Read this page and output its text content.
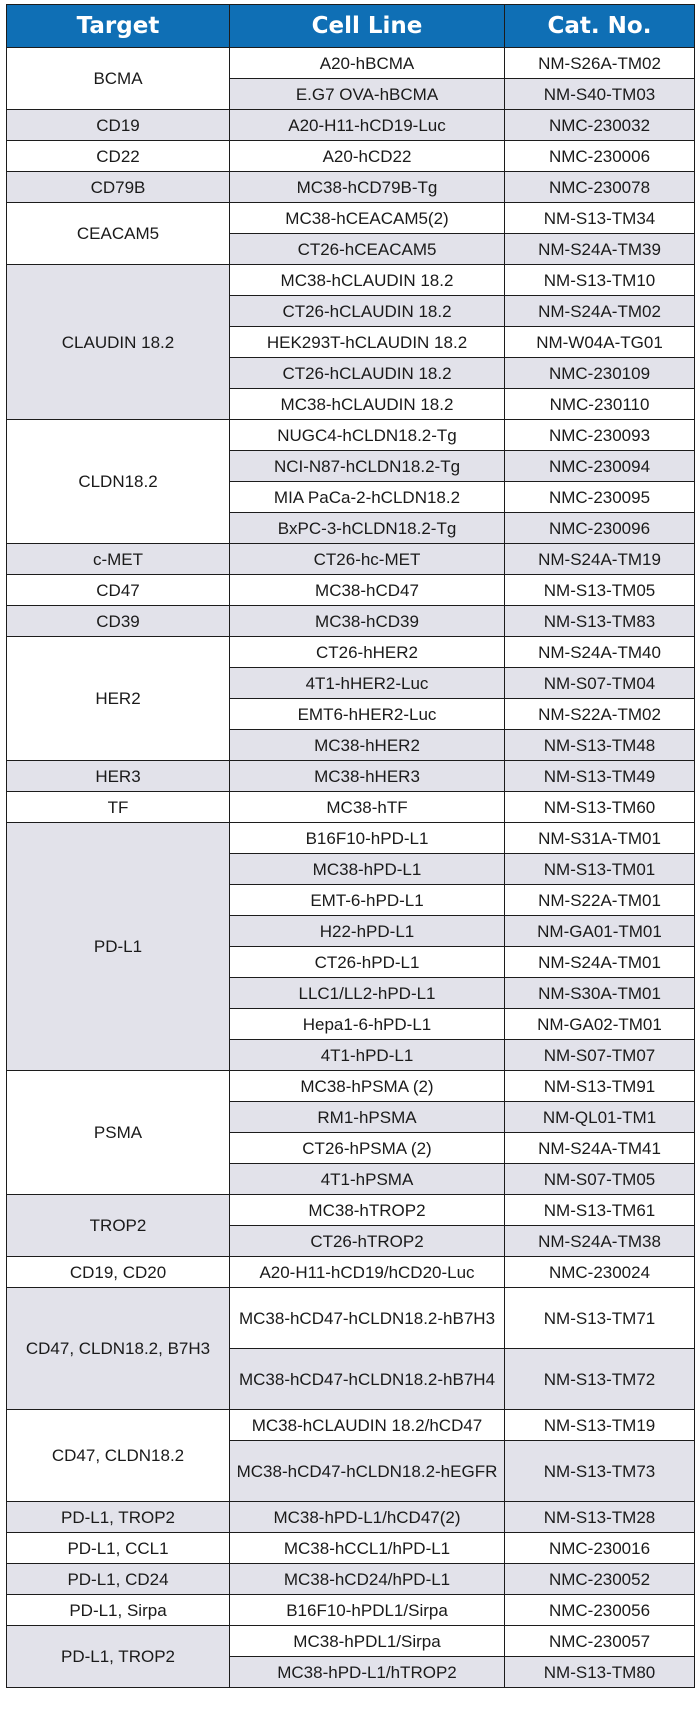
Target	Cell Line	Cat. No.
BCMA	A20-hBCMA	NM-S26A-TM02
	E.G7 OVA-hBCMA	NM-S40-TM03
CD19	A20-H11-hCD19-Luc	NMC-230032
CD22	A20-hCD22	NMC-230006
CD79B	MC38-hCD79B-Tg	NMC-230078
CEACAM5	MC38-hCEACAM5(2)	NM-S13-TM34
	CT26-hCEACAM5	NM-S24A-TM39
CLAUDIN 18.2	MC38-hCLAUDIN 18.2	NM-S13-TM10
	CT26-hCLAUDIN 18.2	NM-S24A-TM02
	HEK293T-hCLAUDIN 18.2	NM-W04A-TG01
	CT26-hCLAUDIN 18.2	NMC-230109
	MC38-hCLAUDIN 18.2	NMC-230110
CLDN18.2	NUGC4-hCLDN18.2-Tg	NMC-230093
	NCI-N87-hCLDN18.2-Tg	NMC-230094
	MIA PaCa-2-hCLDN18.2	NMC-230095
	BxPC-3-hCLDN18.2-Tg	NMC-230096
c-MET	CT26-hc-MET	NM-S24A-TM19
CD47	MC38-hCD47	NM-S13-TM05
CD39	MC38-hCD39	NM-S13-TM83
HER2	CT26-hHER2	NM-S24A-TM40
	4T1-hHER2-Luc	NM-S07-TM04
	EMT6-hHER2-Luc	NM-S22A-TM02
	MC38-hHER2	NM-S13-TM48
HER3	MC38-hHER3	NM-S13-TM49
TF	MC38-hTF	NM-S13-TM60
PD-L1	B16F10-hPD-L1	NM-S31A-TM01
	MC38-hPD-L1	NM-S13-TM01
	EMT-6-hPD-L1	NM-S22A-TM01
	H22-hPD-L1	NM-GA01-TM01
	CT26-hPD-L1	NM-S24A-TM01
	LLC1/LL2-hPD-L1	NM-S30A-TM01
	Hepa1-6-hPD-L1	NM-GA02-TM01
	4T1-hPD-L1	NM-S07-TM07
PSMA	MC38-hPSMA (2)	NM-S13-TM91
	RM1-hPSMA	NM-QL01-TM1
	CT26-hPSMA (2)	NM-S24A-TM41
	4T1-hPSMA	NM-S07-TM05
TROP2	MC38-hTROP2	NM-S13-TM61
	CT26-hTROP2	NM-S24A-TM38
CD19, CD20	A20-H11-hCD19/hCD20-Luc	NMC-230024
CD47, CLDN18.2, B7H3	MC38-hCD47-hCLDN18.2-hB7H3	NM-S13-TM71
	MC38-hCD47-hCLDN18.2-hB7H4	NM-S13-TM72
CD47, CLDN18.2	MC38-hCLAUDIN 18.2/hCD47	NM-S13-TM19
	MC38-hCD47-hCLDN18.2-hEGFR	NM-S13-TM73
PD-L1, TROP2	MC38-hPD-L1/hCD47(2)	NM-S13-TM28
PD-L1, CCL1	MC38-hCCL1/hPD-L1	NMC-230016
PD-L1, CD24	MC38-hCD24/hPD-L1	NMC-230052
PD-L1, Sirpa	B16F10-hPDL1/Sirpa	NMC-230056
PD-L1, TROP2	MC38-hPDL1/Sirpa	NMC-230057
	MC38-hPD-L1/hTROP2	NM-S13-TM80
